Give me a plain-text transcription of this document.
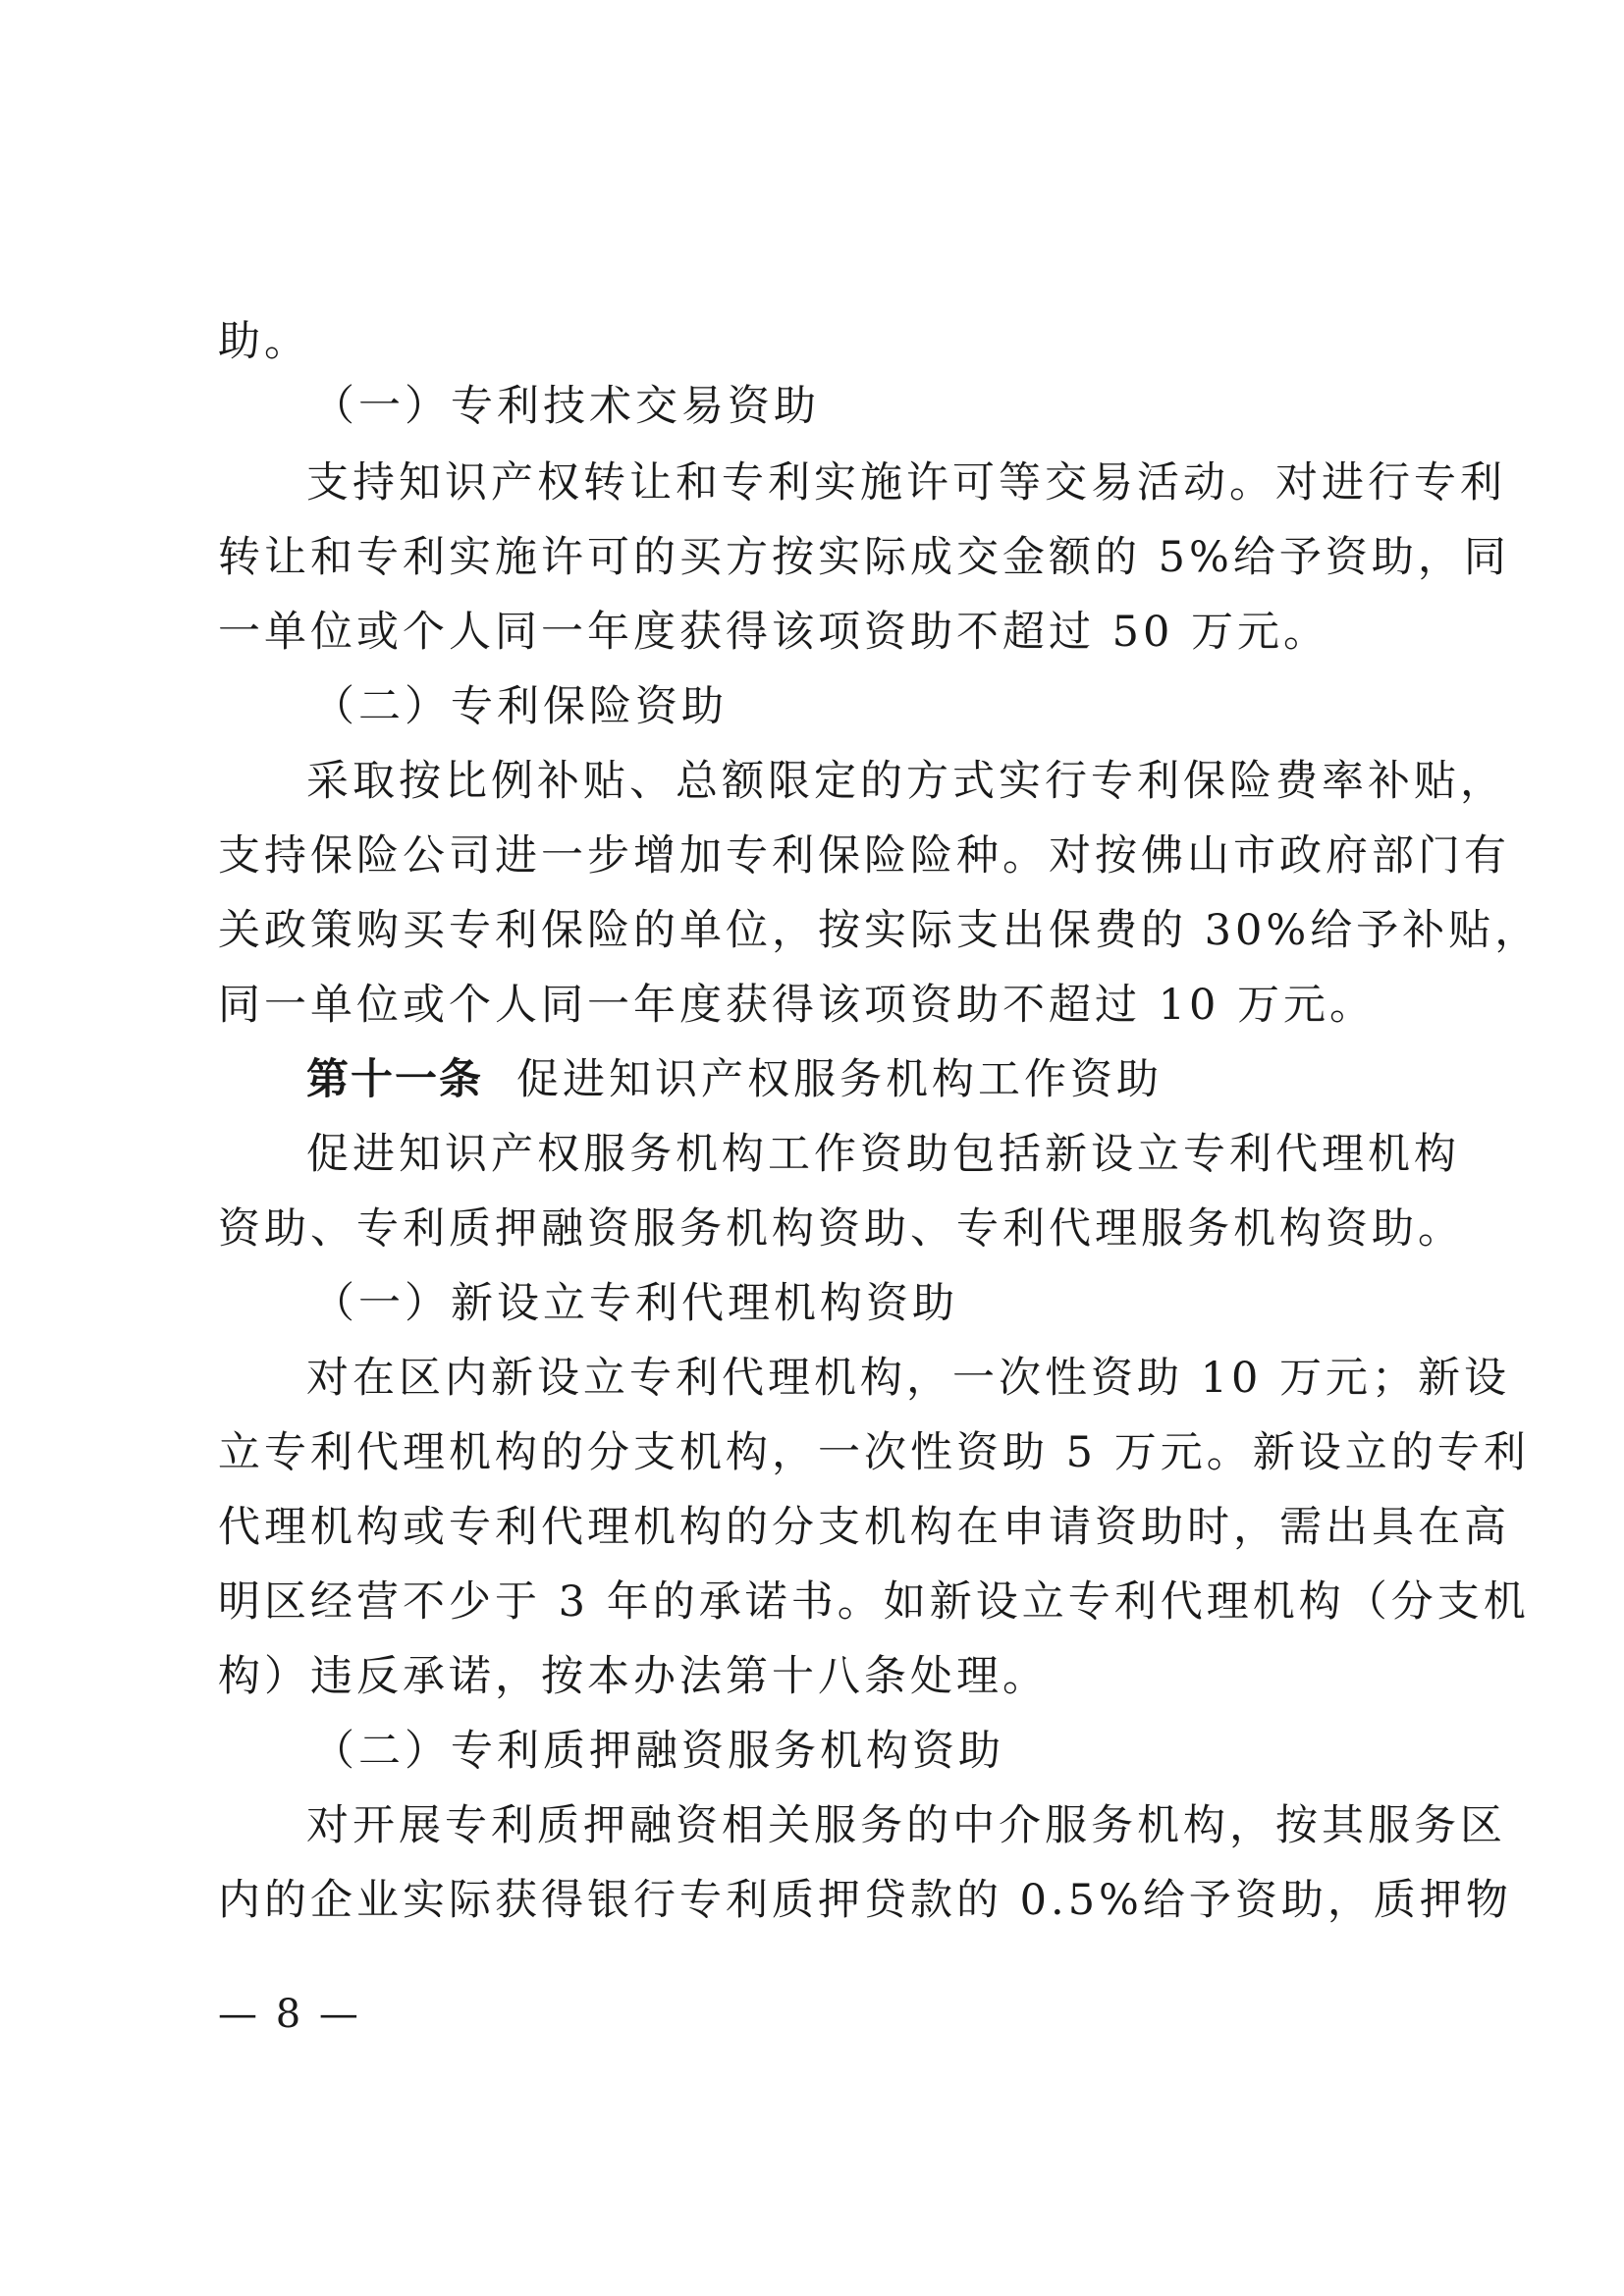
助。

（一）专利技术交易资助

支持知识产权转让和专利实施许可等交易活动。对进行专利

转让和专利实施许可的买方按实际成交金额的 5%给予资助，同

一单位或个人同一年度获得该项资助不超过 50 万元。

（二）专利保险资助

采取按比例补贴、总额限定的方式实行专利保险费率补贴，

支持保险公司进一步增加专利保险险种。对按佛山市政府部门有

关政策购买专利保险的单位，按实际支出保费的 30%给予补贴，

同一单位或个人同一年度获得该项资助不超过 10 万元。

第十一条 促进知识产权服务机构工作资助

促进知识产权服务机构工作资助包括新设立专利代理机构

资助、专利质押融资服务机构资助、专利代理服务机构资助。

（一）新设立专利代理机构资助

对在区内新设立专利代理机构，一次性资助 10 万元；新设

立专利代理机构的分支机构，一次性资助 5 万元。新设立的专利

代理机构或专利代理机构的分支机构在申请资助时，需出具在高

明区经营不少于 3 年的承诺书。如新设立专利代理机构（分支机

构）违反承诺，按本办法第十八条处理。

（二）专利质押融资服务机构资助

对开展专利质押融资相关服务的中介服务机构，按其服务区

内的企业实际获得银行专利质押贷款的 0.5%给予资助，质押物

— 8 —
